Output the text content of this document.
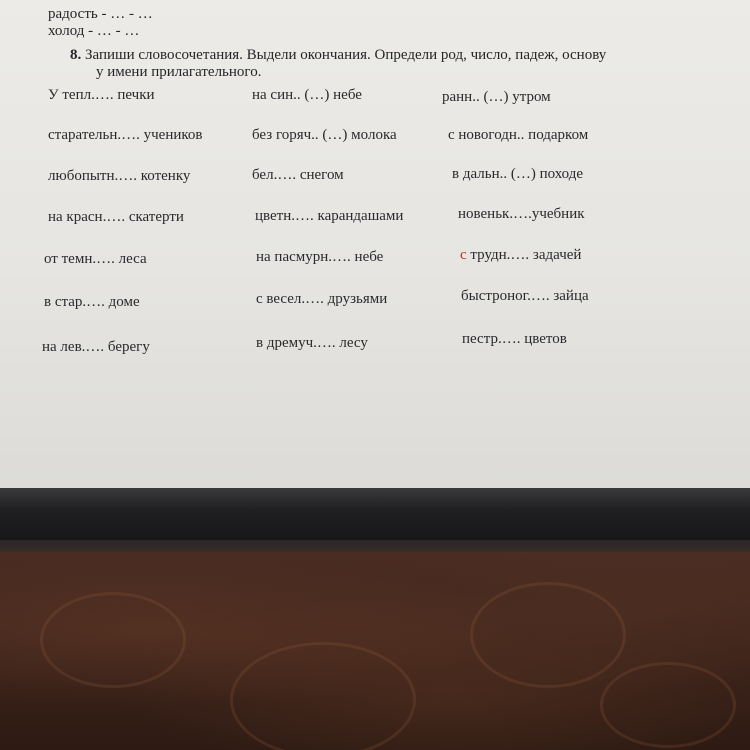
радость - … - …
холод - … - …
8. Запиши словосочетания. Выдели окончания. Определи род, число, падеж, основу
у имени прилагательного.
У тепл.…. печки	на син.. (…) небе	ранн.. (…) утром
старательн.…. учеников	без горяч.. (…) молока	с новогодн.. подарком
любопытн.…. котенку	бел.…. снегом	в дальн.. (…) походе
на красн.…. скатерти	цветн.…. карандашами	новеньк.….учебник
от темн.…. леса	на пасмурн.…. небе	с трудн.…. задачей
в стар.…. доме	с весел.…. друзьями	быстроног.…. зайца
на лев.…. берегу	в дремуч.…. лесу	пестр.…. цветов
